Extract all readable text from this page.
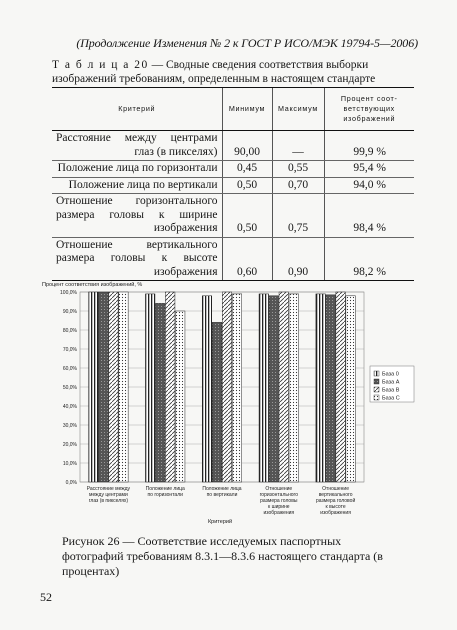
(Продолжение Изменения № 2 к ГОСТ Р ИСО/МЭК 19794-5—2006)
Т а б л и ц а 20 — Сводные сведения соответствия выборки изображений требованиям, определенным в настоящем стандарте
Критерий	Минимум	Максимум	Процент соот-ветствующих изображений
Расстояние между центрами глаз (в пикселях)	90,00	—	99,9 %
Положение лица по горизонтали	0,45	0,55	95,4 %
Положение лица по вертикали	0,50	0,70	94,0 %
Отношение горизонтального размера головы к ширине изображения	0,50	0,75	98,4 %
Отношение вертикального размера головы к высоте изображения	0,60	0,90	98,2 %
Процент соответствия изображений, %
0,0%
10,0%
20,0%
30,0%
40,0%
50,0%
60,0%
70,0%
80,0%
90,0%
100,0%
Расстояние между между центрами глаз (в пикселях)
Положение лица по горизонтали
Положение лица по вертикали
Отношение горизонтального размера головы к ширине изображения
Отношение вертикального размера головой к высоте изображения
База 0
База A
База B
База C
Критерий
Рисунок 26 — Соответствие исследуемых паспортных фотографий требованиям 8.3.1—8.3.6 настоящего стандарта (в процентах)
52
